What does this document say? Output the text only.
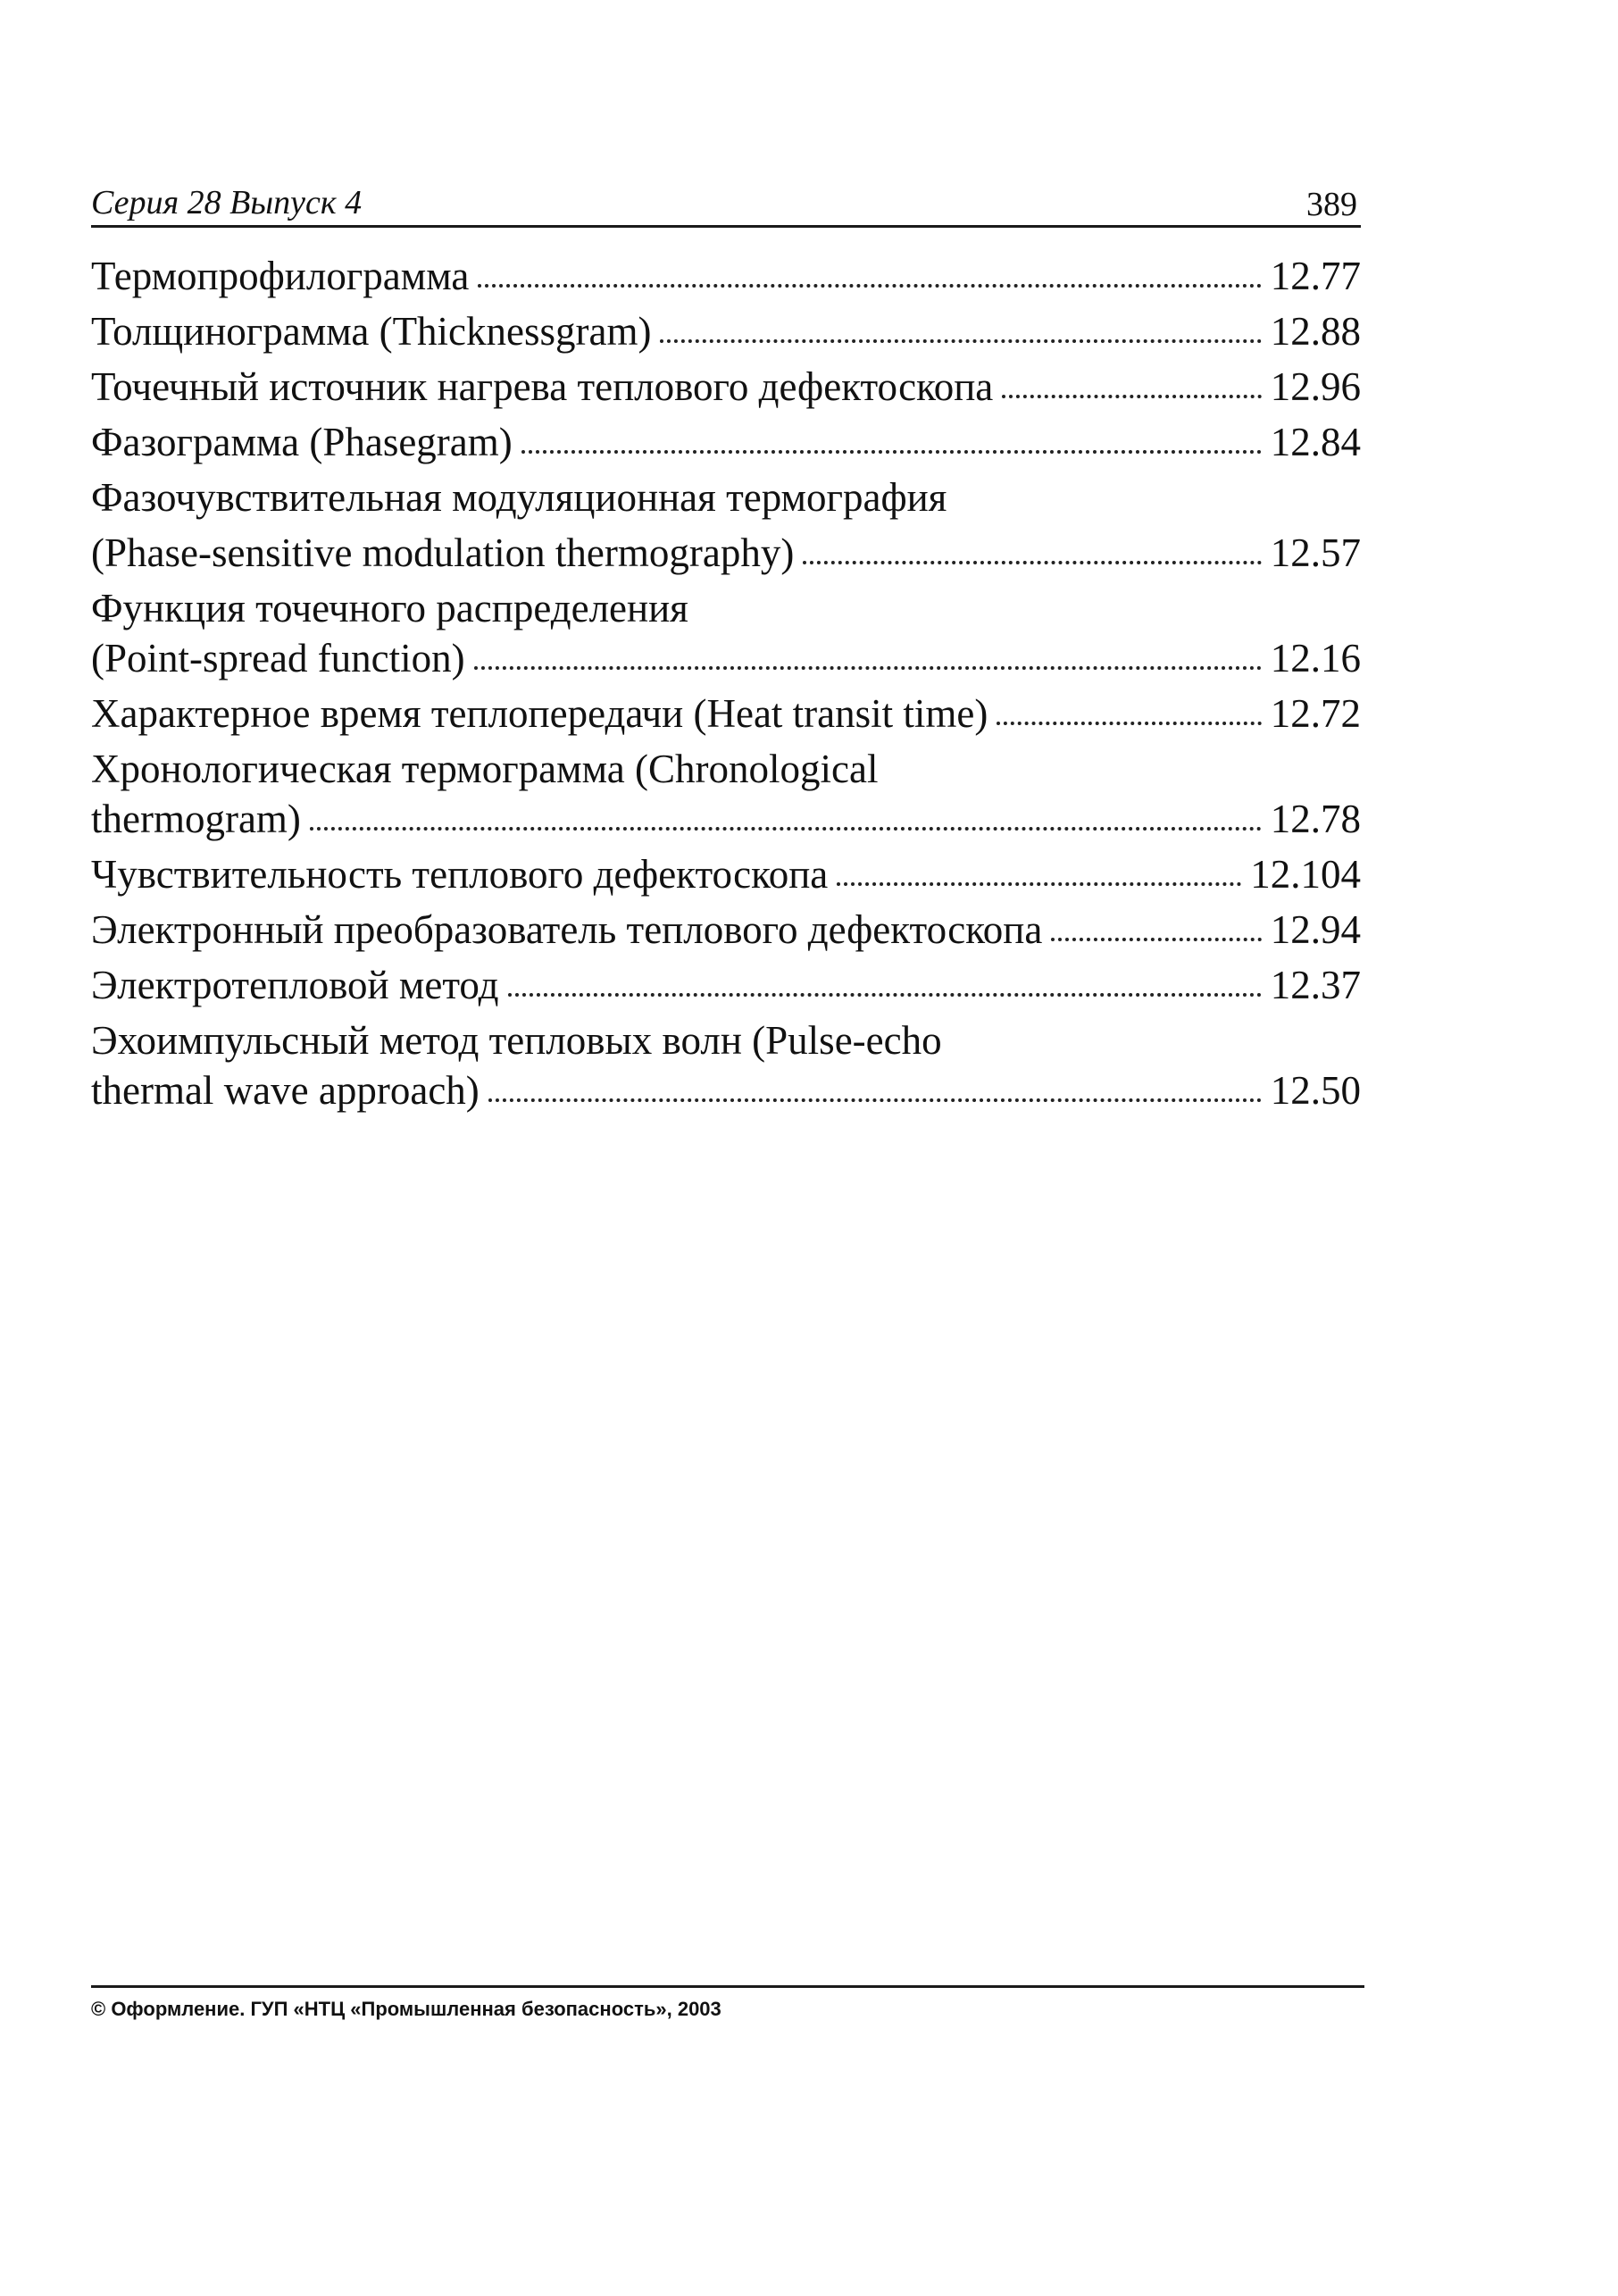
Серия 28 Выпуск 4	389
Термопрофилограмма	12.77
Толщинограмма (Thicknessgram)	12.88
Точечный источник нагрева теплового дефектоскопа	12.96
Фазограмма (Phasegram)	12.84
Фазочувствительная модуляционная термография
(Phase-sensitive modulation thermography)	12.57
Функция точечного распределения
(Point-spread function)	12.16
Характерное время теплопередачи (Heat transit time)	12.72
Хронологическая термограмма (Chronological
thermogram)	12.78
Чувствительность теплового дефектоскопа	12.104
Электронный преобразователь теплового дефектоскопа	12.94
Электротепловой метод	12.37
Эхоимпульсный метод тепловых волн (Pulse-echo
thermal wave approach)	12.50
© Оформление. ГУП «НТЦ «Промышленная безопасность», 2003
